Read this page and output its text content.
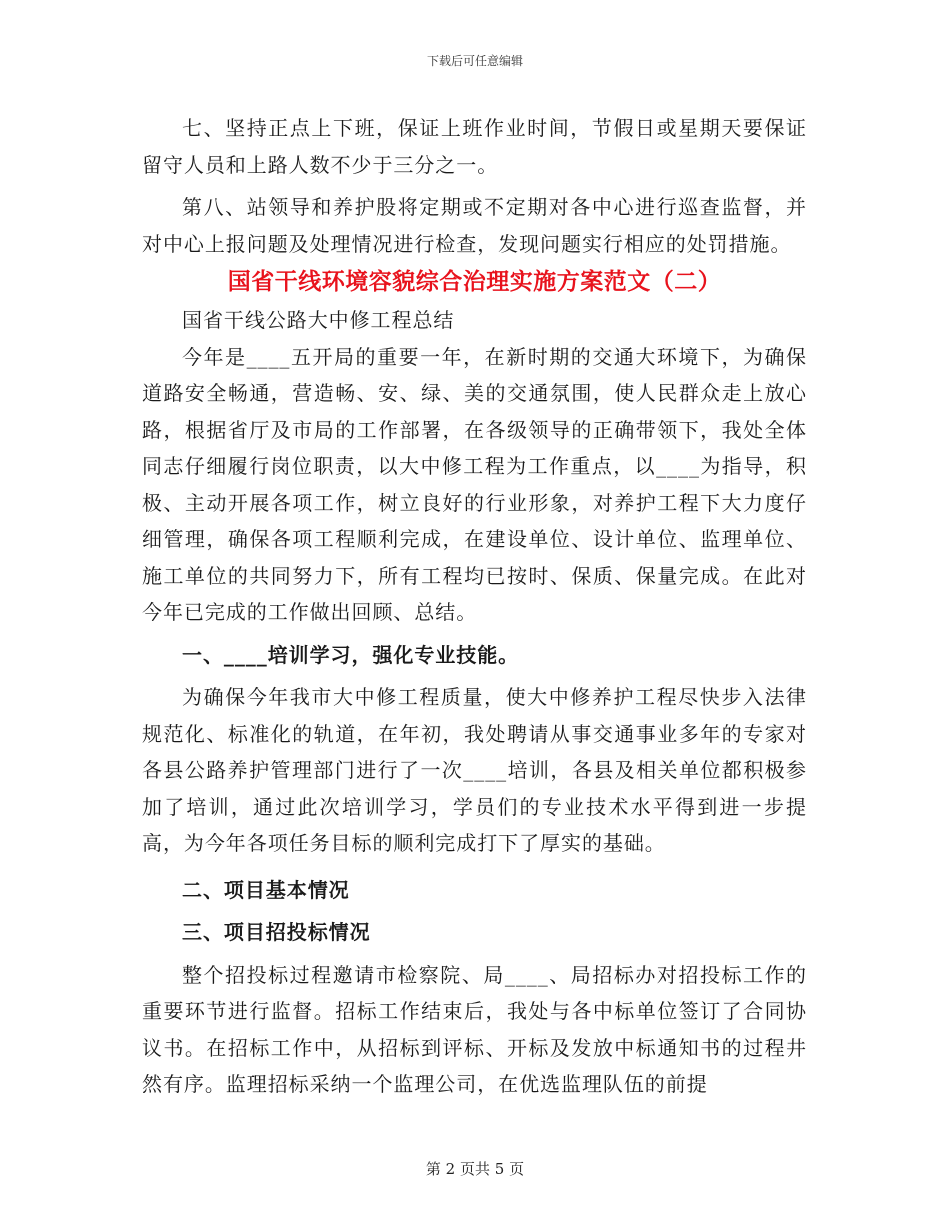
下载后可任意编辑

七、坚持正点上下班，保证上班作业时间，节假日或星期天要保证留守人员和上路人数不少于三分之一。

第八、站领导和养护股将定期或不定期对各中心进行巡查监督，并对中心上报问题及处理情况进行检查，发现问题实行相应的处罚措施。

国省干线环境容貌综合治理实施方案范文（二）

国省干线公路大中修工程总结

今年是____五开局的重要一年，在新时期的交通大环境下，为确保道路安全畅通，营造畅、安、绿、美的交通氛围，使人民群众走上放心路，根据省厅及市局的工作部署，在各级领导的正确带领下，我处全体同志仔细履行岗位职责，以大中修工程为工作重点，以____为指导，积极、主动开展各项工作，树立良好的行业形象，对养护工程下大力度仔细管理，确保各项工程顺利完成，在建设单位、设计单位、监理单位、施工单位的共同努力下，所有工程均已按时、保质、保量完成。在此对今年已完成的工作做出回顾、总结。

一、____培训学习，强化专业技能。

为确保今年我市大中修工程质量，使大中修养护工程尽快步入法律规范化、标准化的轨道，在年初，我处聘请从事交通事业多年的专家对各县公路养护管理部门进行了一次____培训，各县及相关单位都积极参加了培训，通过此次培训学习，学员们的专业技术水平得到进一步提高，为今年各项任务目标的顺利完成打下了厚实的基础。

二、项目基本情况

三、项目招投标情况

整个招投标过程邀请市检察院、局____、局招标办对招投标工作的重要环节进行监督。招标工作结束后，我处与各中标单位签订了合同协议书。在招标工作中，从招标到评标、开标及发放中标通知书的过程井然有序。监理招标采纳一个监理公司，在优选监理队伍的前提

第 2 页共 5 页
